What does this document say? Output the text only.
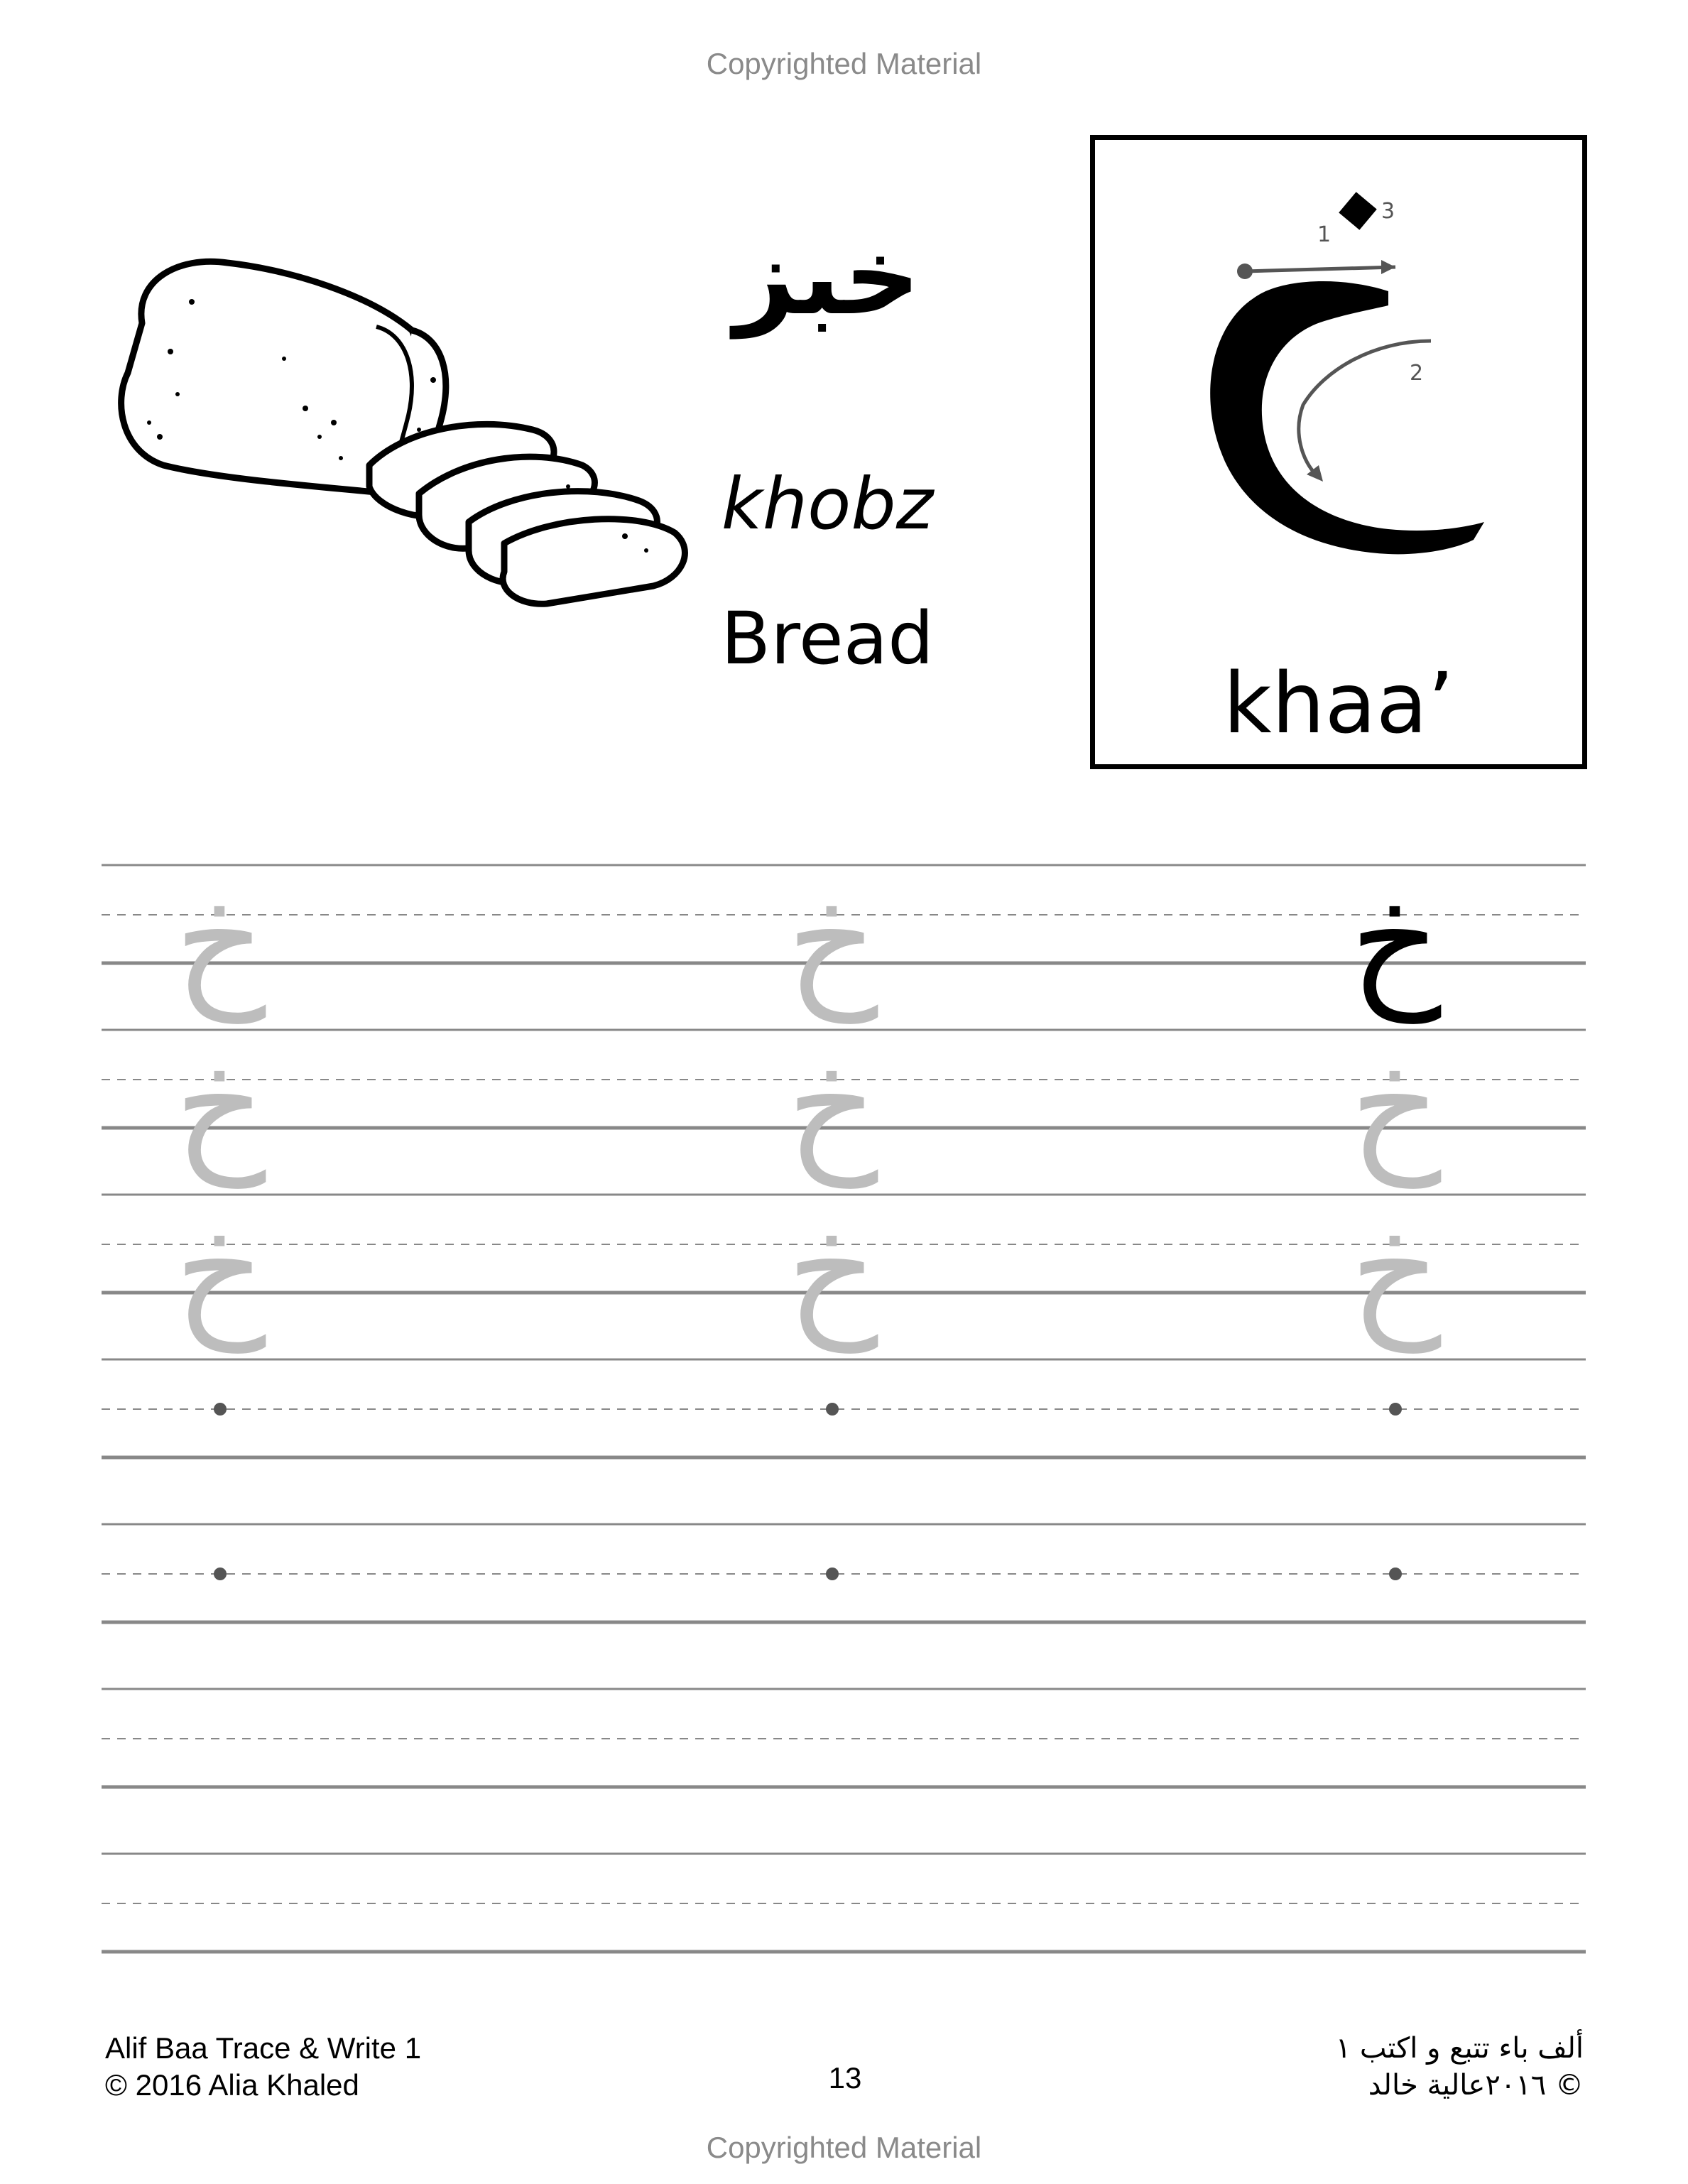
Copyrighted Material
خبز
khobz
Bread
1
2
3
khaa’
خ	خ	خ
خ	خ	خ
خ	خ	خ
Alif Baa Trace & Write 1
© 2016 Alia Khaled	13
ألف باء تتبع و اكتب ١
© ٢٠١٦عالية خالد
Copyrighted Material
